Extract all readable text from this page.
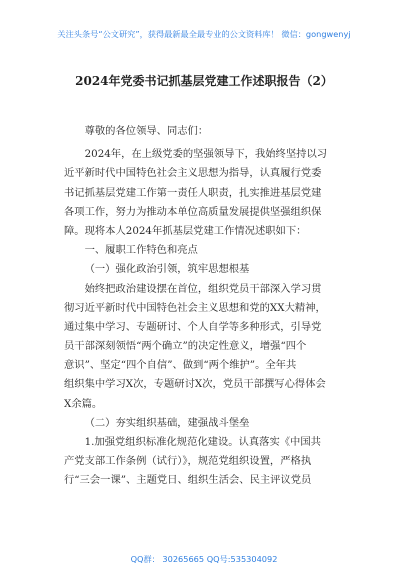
关注头条号“公文研究”，获得最新最全最专业的公文资料库！ 微信：gongwenyj
2024年党委书记抓基层党建工作述职报告（2）
尊敬的各位领导、同志们：
2024年，在上级党委的坚强领导下，我始终坚持以习
近平新时代中国特色社会主义思想为指导，认真履行党委
书记抓基层党建工作第一责任人职责，扎实推进基层党建
各项工作，努力为推动本单位高质量发展提供坚强组织保
障。现将本人2024年抓基层党建工作情况述职如下：
一、履职工作特色和亮点
（一）强化政治引领，筑牢思想根基
始终把政治建设摆在首位，组织党员干部深入学习贯
彻习近平新时代中国特色社会主义思想和党的XX大精神，
通过集中学习、专题研讨、个人自学等多种形式，引导党
员干部深刻领悟“两个确立”的决定性意义，增强“四个
意识”、坚定“四个自信”、做到“两个维护”。全年共
组织集中学习X次，专题研讨X次，党员干部撰写心得体会
X余篇。
（二）夯实组织基础，建强战斗堡垒
1.加强党组织标准化规范化建设。认真落实《中国共
产党支部工作条例（试行）》，规范党组织设置，严格执
行“三会一课”、主题党日、组织生活会、民主评议党员
QQ群： 30265665 QQ号:535304092
